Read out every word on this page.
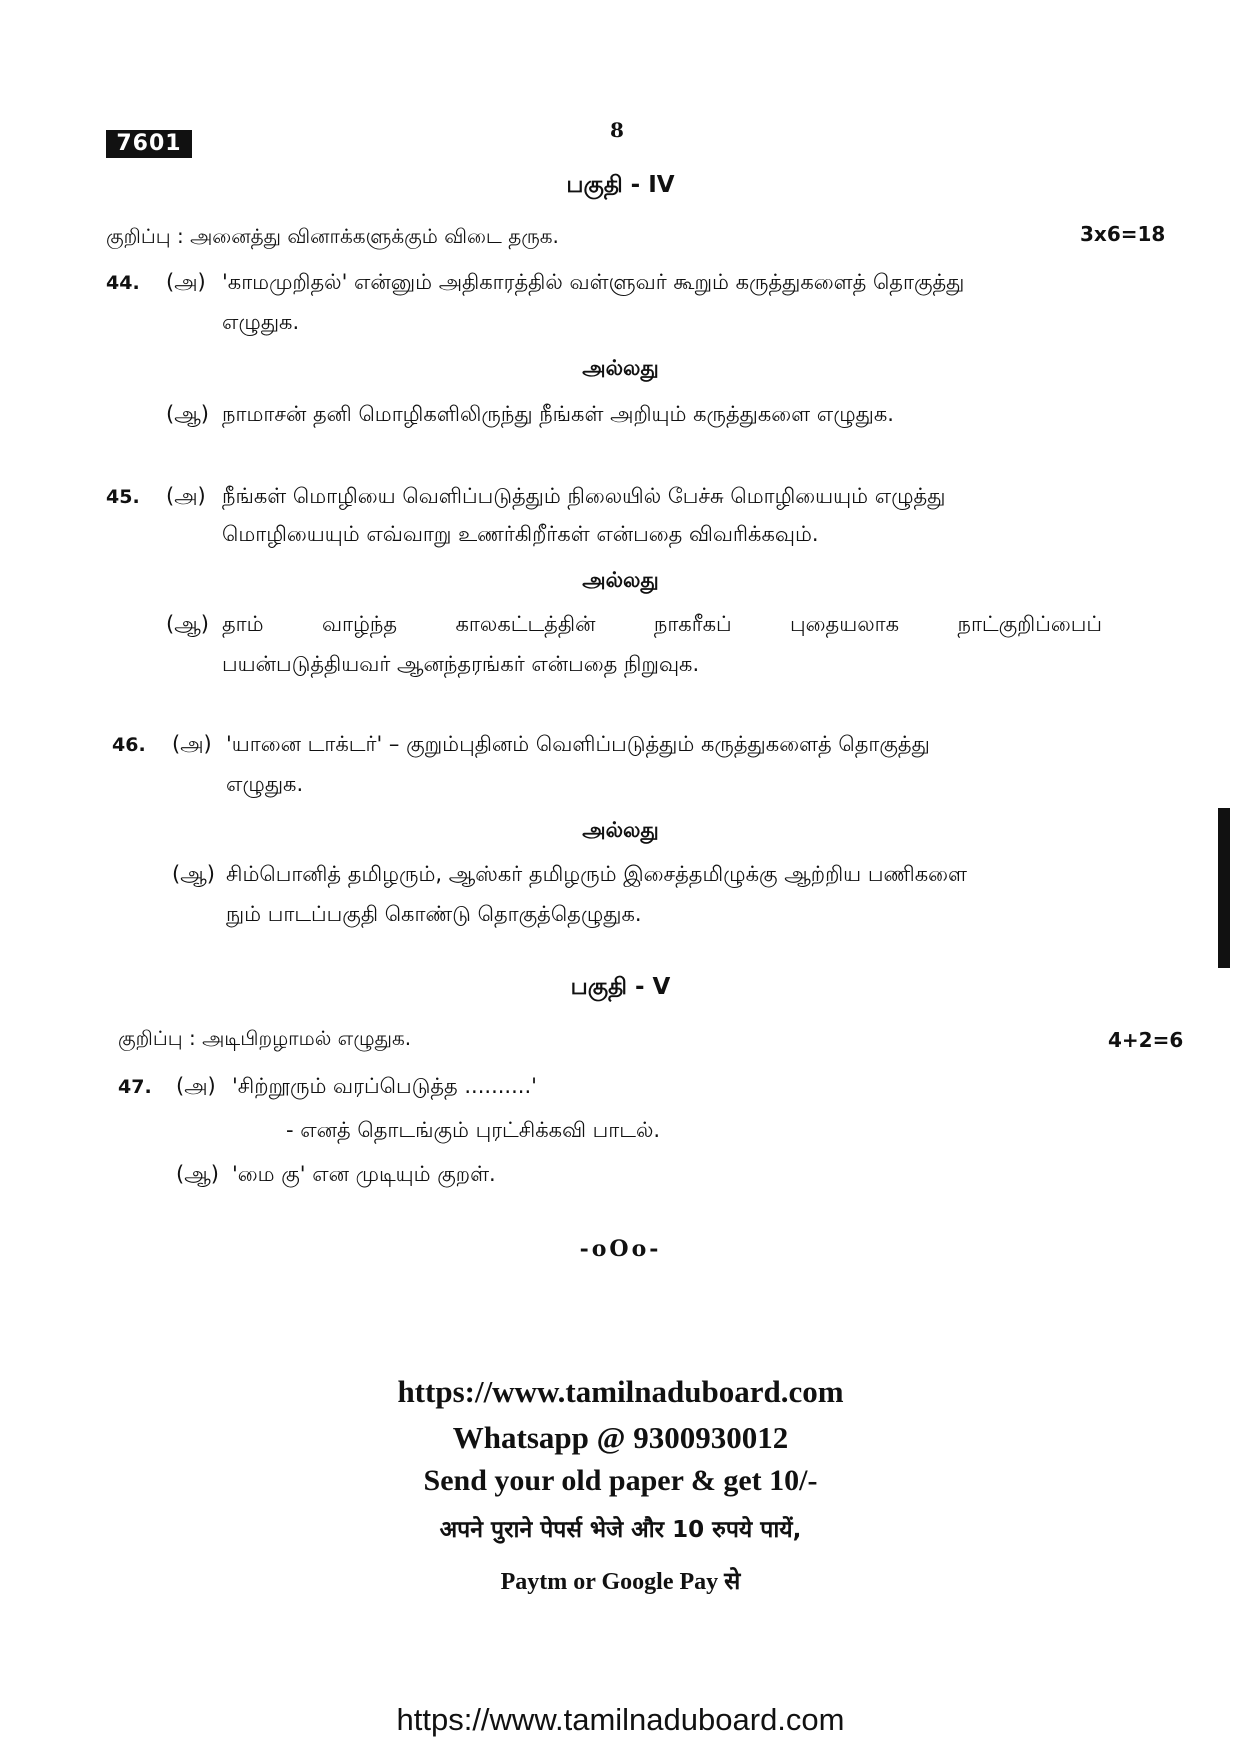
7601
8
பகுதி - IV
குறிப்பு : அனைத்து வினாக்களுக்கும் விடை தருக.	3x6=18
44. (அ) 'காமமுறிதல்' என்னும் அதிகாரத்தில் வள்ளுவர் கூறும் கருத்துகளைத் தொகுத்து
எழுதுக.
அல்லது
(ஆ) நாமாசன் தனி மொழிகளிலிருந்து நீங்கள் அறியும் கருத்துகளை எழுதுக.
45. (அ) நீங்கள் மொழியை வெளிப்படுத்தும் நிலையில் பேச்சு மொழியையும் எழுத்து
மொழியையும் எவ்வாறு உணர்கிறீர்கள் என்பதை விவரிக்கவும்.
அல்லது
(ஆ) தாம் வாழ்ந்த காலகட்டத்தின் நாகரீகப் புதையலாக நாட்குறிப்பைப்
பயன்படுத்தியவர் ஆனந்தரங்கர் என்பதை நிறுவுக.
46. (அ) 'யானை டாக்டர்' – குறும்புதினம் வெளிப்படுத்தும் கருத்துகளைத் தொகுத்து
எழுதுக.
அல்லது
(ஆ) சிம்பொனித் தமிழரும், ஆஸ்கர் தமிழரும் இசைத்தமிழுக்கு ஆற்றிய பணிகளை
நும் பாடப்பகுதி கொண்டு தொகுத்தெழுதுக.
பகுதி - V
குறிப்பு : அடிபிறழாமல் எழுதுக.	4+2=6
47. (அ) 'சிற்றூரும் வரப்பெடுத்த ..........'
- எனத் தொடங்கும் புரட்சிக்கவி பாடல்.
(ஆ) 'மை கு' என முடியும் குறள்.
-oOo-
https://www.tamilnaduboard.com
Whatsapp @ 9300930012
Send your old paper & get 10/-
अपने पुराने पेपर्स भेजे और 10 रुपये पायें,
Paytm or Google Pay से
https://www.tamilnaduboard.com
